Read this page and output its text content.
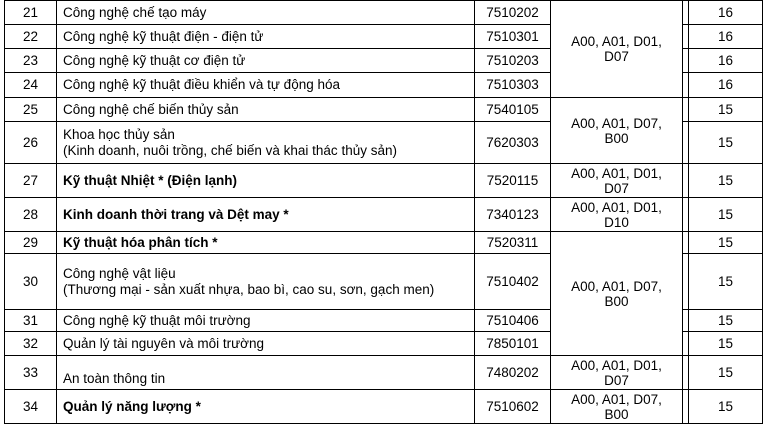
21	Công nghệ chế tạo máy	7510202	A00, A01, D01, D07		16
22	Công nghệ kỹ thuật điện - điện tử	7510301			16
23	Công nghệ kỹ thuật cơ điện tử	7510203			16
24	Công nghệ kỹ thuật điều khiển và tự động hóa	7510303			16
25	Công nghệ chế biến thủy sản	7540105	A00, A01, D07, B00		15
26	Khoa học thủy sản
(Kinh doanh, nuôi trồng, chế biến và khai thác thủy sản)	7620303			15
27	Kỹ thuật Nhiệt * (Điện lạnh)	7520115	A00, A01, D01, D07		15
28	Kinh doanh thời trang và Dệt may *	7340123	A00, A01, D01, D10		15
29	Kỹ thuật hóa phân tích *	7520311	A00, A01, D07, B00		15
30	Công nghệ vật liệu
(Thương mại - sản xuất nhựa, bao bì, cao su, sơn, gạch men)	7510402			15
31	Công nghệ kỹ thuật môi trường	7510406			15
32	Quản lý tài nguyên và môi trường	7850101			15
33	An toàn thông tin	7480202	A00, A01, D01, D07		15
34	Quản lý năng lượng *	7510602	A00, A01, D07, B00		15
